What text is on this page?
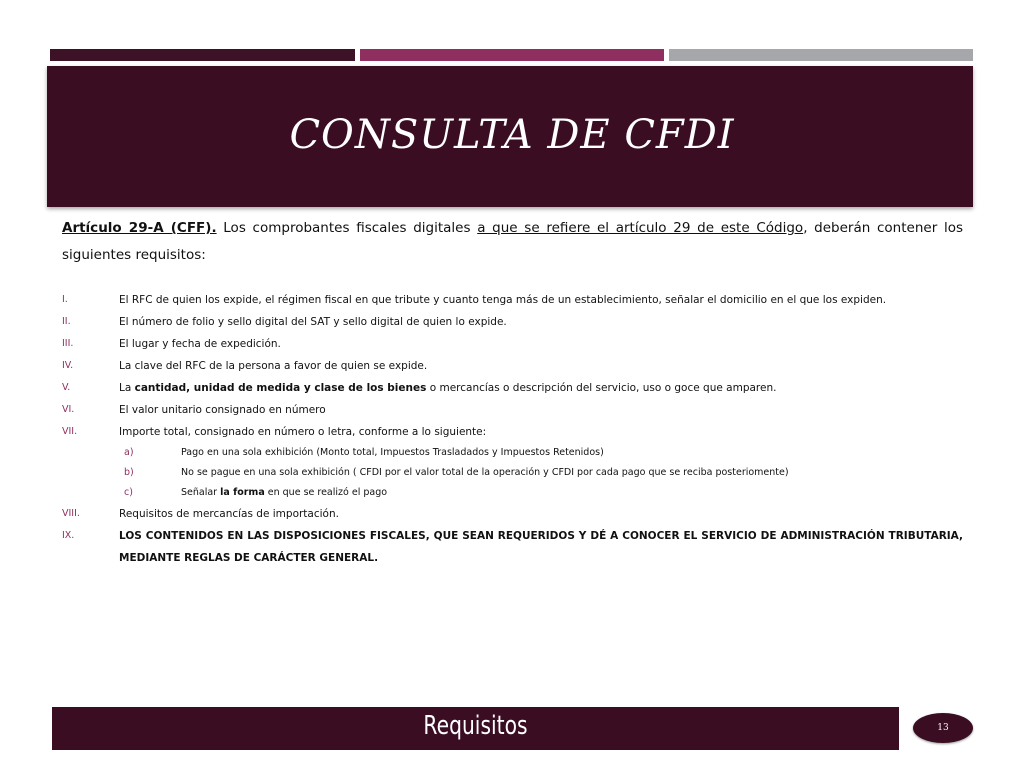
CONSULTA DE CFDI

Artículo 29-A (CFF). Los comprobantes fiscales digitales a que se refiere el artículo 29 de este Código, deberán contener los siguientes requisitos:

I.	El RFC de quien los expide, el régimen fiscal en que tribute y cuanto tenga más de un establecimiento, señalar el domicilio en el que los expiden.
II.	El número de folio y sello digital del SAT y sello digital de quien lo expide.
III.	El lugar y fecha de expedición.
IV.	La clave del RFC de la persona a favor de quien se expide.
V.	La cantidad, unidad de medida y clase de los bienes o mercancías o descripción del servicio, uso o goce que amparen.
VI.	El valor unitario consignado en número
VII.	Importe total, consignado en número o letra, conforme a lo siguiente:
a)	Pago en una sola exhibición (Monto total, Impuestos Trasladados y Impuestos Retenidos)
b)	No se pague en una sola exhibición ( CFDI por el valor total de la operación y CFDI por cada pago que se reciba posteriomente)
c)	Señalar la forma en que se realizó el pago
VIII.	Requisitos de mercancías de importación.
IX.	LOS CONTENIDOS EN LAS DISPOSICIONES FISCALES, QUE SEAN REQUERIDOS Y DÉ A CONOCER EL SERVICIO DE ADMINISTRACIÓN TRIBUTARIA, MEDIANTE REGLAS DE CARÁCTER GENERAL.
Requisitos	13
